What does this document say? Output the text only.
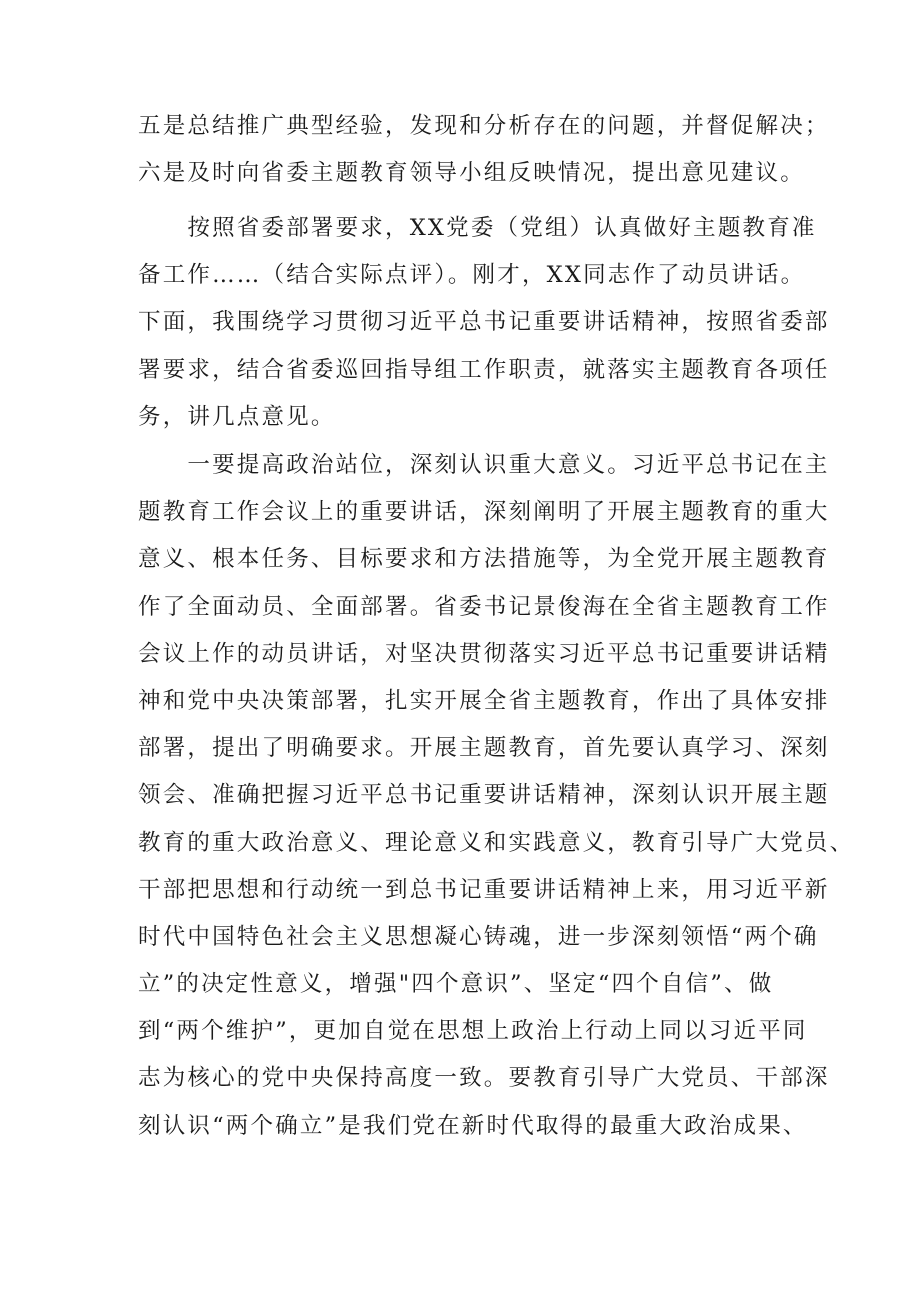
五是总结推广典型经验，发现和分析存在的问题，并督促解决；
六是及时向省委主题教育领导小组反映情况，提出意见建议。
　　按照省委部署要求，XX党委（党组）认真做好主题教育准
备工作……（结合实际点评）。刚才，XX同志作了动员讲话。
下面，我围绕学习贯彻习近平总书记重要讲话精神，按照省委部
署要求，结合省委巡回指导组工作职责，就落实主题教育各项任
务，讲几点意见。
　　一要提高政治站位，深刻认识重大意义。习近平总书记在主
题教育工作会议上的重要讲话，深刻阐明了开展主题教育的重大
意义、根本任务、目标要求和方法措施等，为全党开展主题教育
作了全面动员、全面部署。省委书记景俊海在全省主题教育工作
会议上作的动员讲话，对坚决贯彻落实习近平总书记重要讲话精
神和党中央决策部署，扎实开展全省主题教育，作出了具体安排
部署，提出了明确要求。开展主题教育，首先要认真学习、深刻
领会、准确把握习近平总书记重要讲话精神，深刻认识开展主题
教育的重大政治意义、理论意义和实践意义，教育引导广大党员、
干部把思想和行动统一到总书记重要讲话精神上来，用习近平新
时代中国特色社会主义思想凝心铸魂，进一步深刻领悟“两个确
立”的决定性意义，增强"四个意识”、坚定“四个自信”、做
到“两个维护”，更加自觉在思想上政治上行动上同以习近平同
志为核心的党中央保持高度一致。要教育引导广大党员、干部深
刻认识“两个确立”是我们党在新时代取得的最重大政治成果、
